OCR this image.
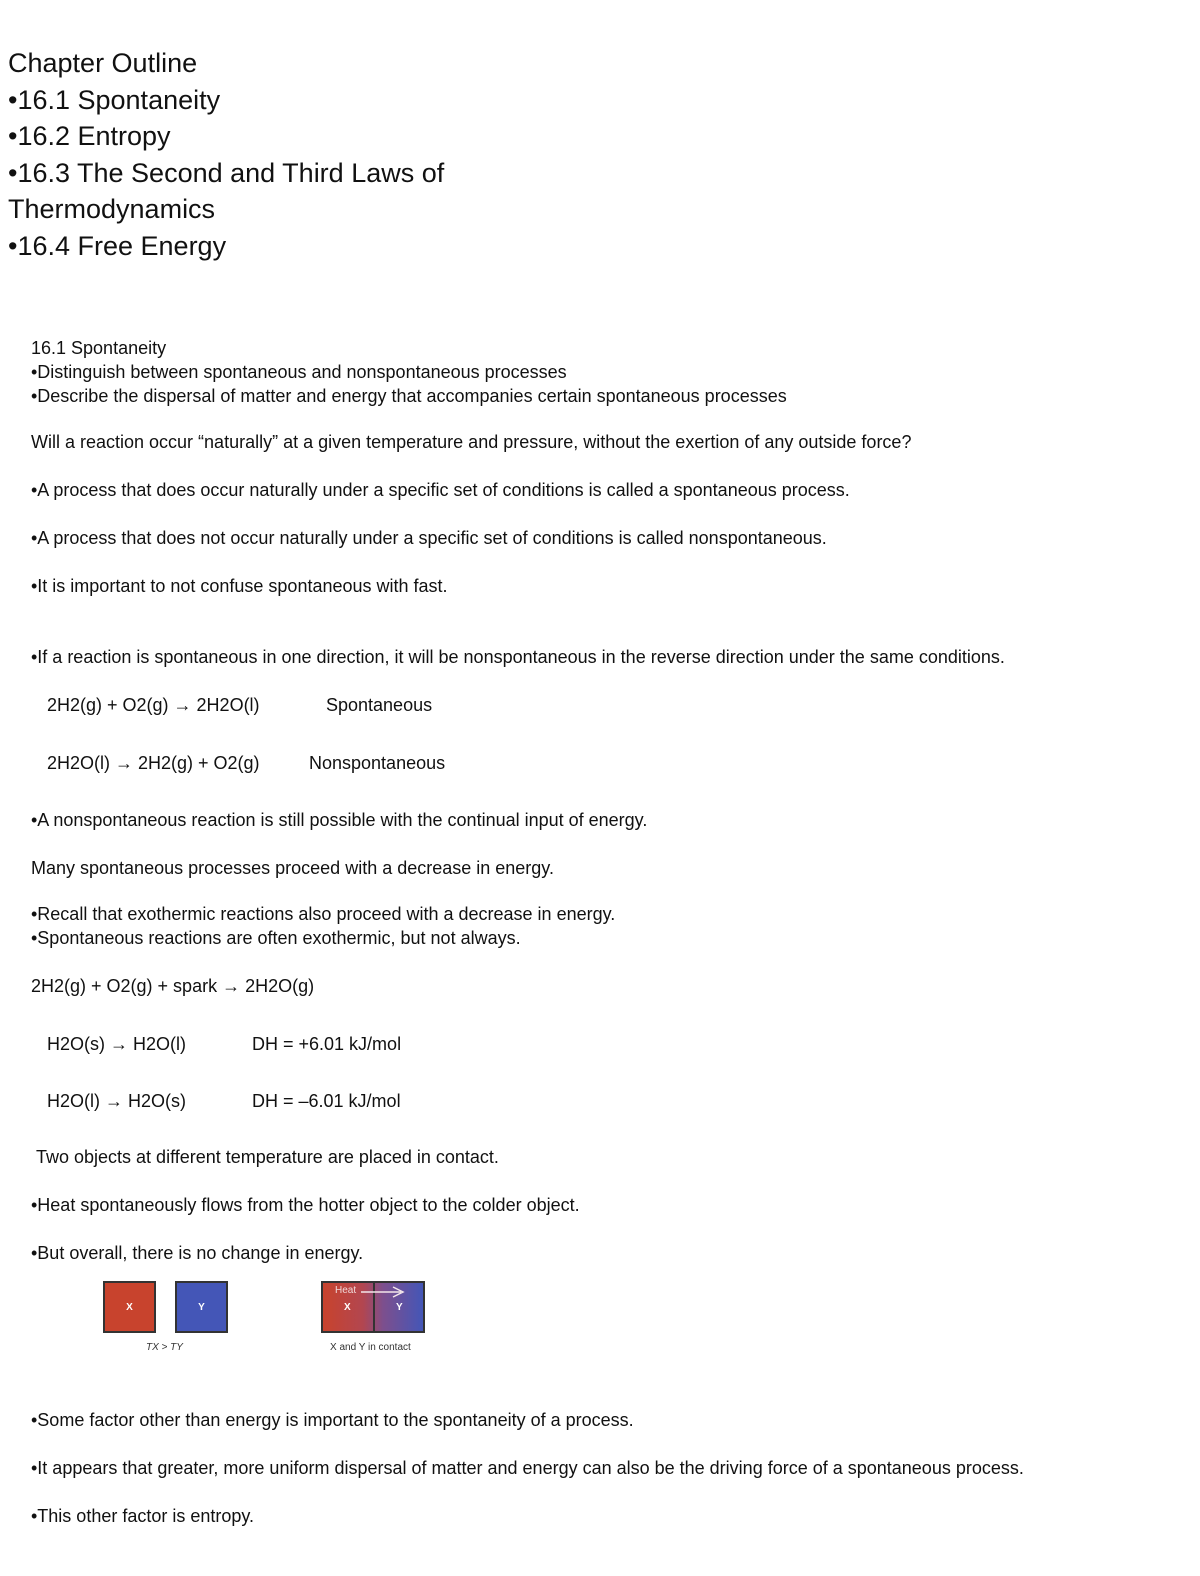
Chapter Outline
•16.1 Spontaneity
•16.2 Entropy
•16.3 The Second and Third Laws of
Thermodynamics
•16.4 Free Energy
16.1 Spontaneity
•Distinguish between spontaneous and nonspontaneous processes
•Describe the dispersal of matter and energy that accompanies certain spontaneous processes
Will a reaction occur “naturally” at a given temperature and pressure, without the exertion of any outside force?
•A process that does occur naturally under a specific set of conditions is called a spontaneous process.
•A process that does not occur naturally under a specific set of conditions is called nonspontaneous.
•It is important to not confuse spontaneous with fast.
•If a reaction is spontaneous in one direction, it will be nonspontaneous in the reverse direction under the same conditions.
2H2(g) + O2(g) → 2H2O(l)	Spontaneous
2H2O(l) → 2H2(g) + O2(g)	Nonspontaneous
•A nonspontaneous reaction is still possible with the continual input of energy.
Many spontaneous processes proceed with a decrease in energy.
•Recall that exothermic reactions also proceed with a decrease in energy.
•Spontaneous reactions are often exothermic, but not always.
2H2(g) + O2(g) + spark → 2H2O(g)
H2O(s) → H2O(l)	DH = +6.01 kJ/mol
H2O(l) → H2O(s)	DH = –6.01 kJ/mol
Two objects at different temperature are placed in contact.
•Heat spontaneously flows from the hotter object to the colder object.
•But overall, there is no change in energy.
X	Y
TX > TY
Heat
X	Y
X and Y in contact
•Some factor other than energy is important to the spontaneity of a process.
•It appears that greater, more uniform dispersal of matter and energy can also be the driving force of a spontaneous process.
•This other factor is entropy.
